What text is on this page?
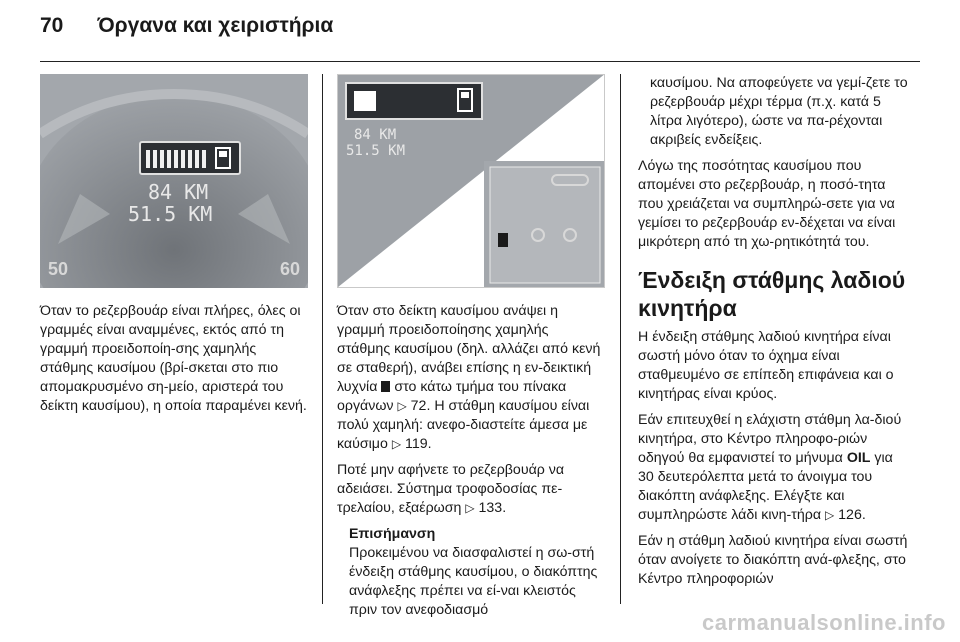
70 Όργανα και χειριστήρια
84 KM
51.5 KM
50	60

Όταν το ρεζερβουάρ είναι πλήρες, όλες οι γραμμές είναι αναμμένες, εκτός από τη γραμμή προειδοποίη-σης χαμηλής στάθμης καυσίμου (βρί-σκεται στο πιο απομακρυσμένο ση-μείο, αριστερά του δείκτη καυσίμου), η οποία παραμένει κενή.

84 KM
51.5 KM

Όταν στο δείκτη καυσίμου ανάψει η γραμμή προειδοποίησης χαμηλής στάθμης καυσίμου (δηλ. αλλάζει από κενή σε σταθερή), ανάβει επίσης η εν-δεικτική λυχνία στο κάτω τμήμα του πίνακα οργάνων ▷ 72. Η στάθμη καυσίμου είναι πολύ χαμηλή: ανεφο-διαστείτε άμεσα με καύσιμο ▷ 119.

Ποτέ μην αφήνετε το ρεζερβουάρ να αδειάσει. Σύστημα τροφοδοσίας πε-τρελαίου, εξαέρωση ▷ 133.

Επισήμανση
Προκειμένου να διασφαλιστεί η σω-στή ένδειξη στάθμης καυσίμου, ο διακόπτης ανάφλεξης πρέπει να εί-ναι κλειστός πριν τον ανεφοδιασμό

καυσίμου. Να αποφεύγετε να γεμί-ζετε το ρεζερβουάρ μέχρι τέρμα (π.χ. κατά 5 λίτρα λιγότερο), ώστε να πα-ρέχονται ακριβείς ενδείξεις.

Λόγω της ποσότητας καυσίμου που απομένει στο ρεζερβουάρ, η ποσό-τητα που χρειάζεται να συμπληρώ-σετε για να γεμίσει το ρεζερβουάρ εν-δέχεται να είναι μικρότερη από τη χω-ρητικότητά του.

Ένδειξη στάθμης λαδιού κινητήρα

Η ένδειξη στάθμης λαδιού κινητήρα είναι σωστή μόνο όταν το όχημα είναι σταθμευμένο σε επίπεδη επιφάνεια και ο κινητήρας είναι κρύος.

Εάν επιτευχθεί η ελάχιστη στάθμη λα-διού κινητήρα, στο Κέντρο πληροφο-ριών οδηγού θα εμφανιστεί το μήνυμα OIL για 30 δευτερόλεπτα μετά το άνοιγμα του διακόπτη ανάφλεξης. Ελέγξτε και συμπληρώστε λάδι κινη-τήρα ▷ 126.

Εάν η στάθμη λαδιού κινητήρα είναι σωστή όταν ανοίγετε το διακόπτη ανά-φλεξης, στο Κέντρο πληροφοριών

carmanualsonline.info
